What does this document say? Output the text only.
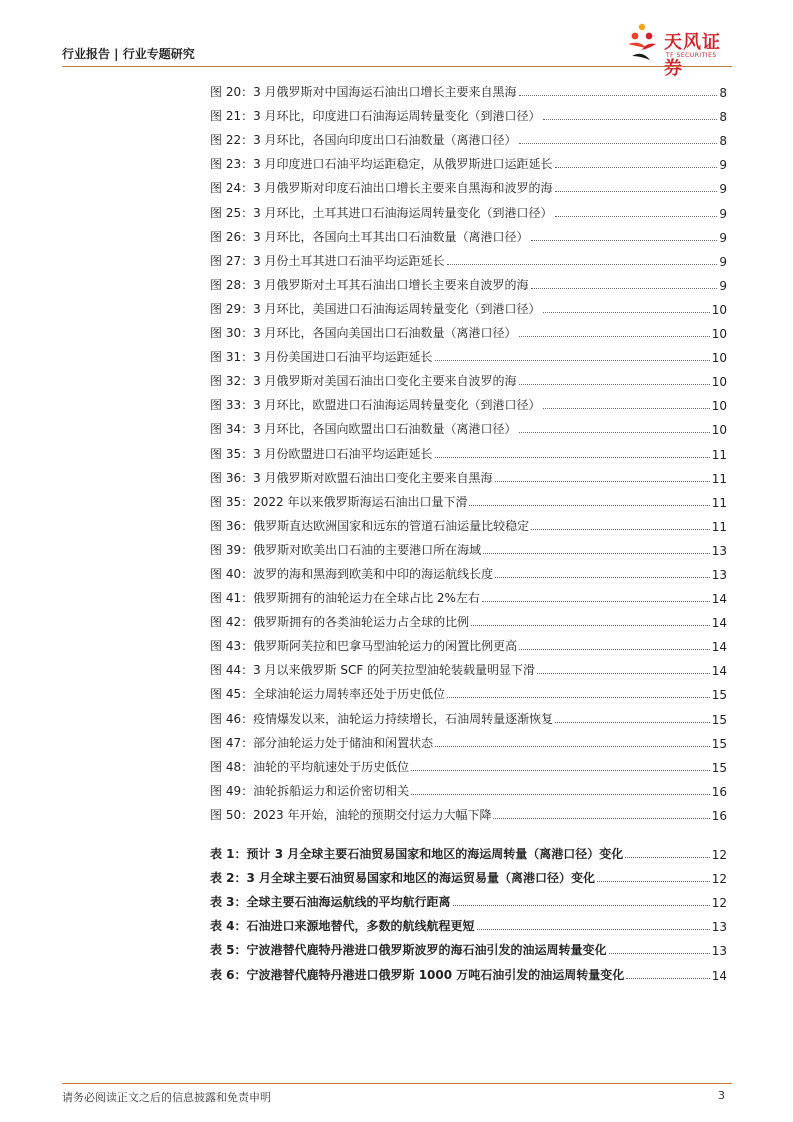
行业报告 | 行业专题研究
天风证券
TF SECURITIES
图 20：3 月俄罗斯对中国海运石油出口增长主要来自黑海	8
图 21：3 月环比，印度进口石油海运周转量变化（到港口径）	8
图 22：3 月环比，各国向印度出口石油数量（离港口径）	8
图 23：3 月印度进口石油平均运距稳定，从俄罗斯进口运距延长	9
图 24：3 月俄罗斯对印度石油出口增长主要来自黑海和波罗的海	9
图 25：3 月环比，土耳其进口石油海运周转量变化（到港口径）	9
图 26：3 月环比，各国向土耳其出口石油数量（离港口径）	9
图 27：3 月份土耳其进口石油平均运距延长	9
图 28：3 月俄罗斯对土耳其石油出口增长主要来自波罗的海	9
图 29：3 月环比，美国进口石油海运周转量变化（到港口径）	10
图 30：3 月环比，各国向美国出口石油数量（离港口径）	10
图 31：3 月份美国进口石油平均运距延长	10
图 32：3 月俄罗斯对美国石油出口变化主要来自波罗的海	10
图 33：3 月环比，欧盟进口石油海运周转量变化（到港口径）	10
图 34：3 月环比，各国向欧盟出口石油数量（离港口径）	10
图 35：3 月份欧盟进口石油平均运距延长	11
图 36：3 月俄罗斯对欧盟石油出口变化主要来自黑海	11
图 35：2022 年以来俄罗斯海运石油出口量下滑	11
图 36：俄罗斯直达欧洲国家和远东的管道石油运量比较稳定	11
图 39：俄罗斯对欧美出口石油的主要港口所在海域	13
图 40：波罗的海和黑海到欧美和中印的海运航线长度	13
图 41：俄罗斯拥有的油轮运力在全球占比 2%左右	14
图 42：俄罗斯拥有的各类油轮运力占全球的比例	14
图 43：俄罗斯阿芙拉和巴拿马型油轮运力的闲置比例更高	14
图 44：3 月以来俄罗斯 SCF 的阿芙拉型油轮装载量明显下滑	14
图 45：全球油轮运力周转率还处于历史低位	15
图 46：疫情爆发以来，油轮运力持续增长，石油周转量逐渐恢复	15
图 47：部分油轮运力处于储油和闲置状态	15
图 48：油轮的平均航速处于历史低位	15
图 49：油轮拆船运力和运价密切相关	16
图 50：2023 年开始，油轮的预期交付运力大幅下降	16
表 1：预计 3 月全球主要石油贸易国家和地区的海运周转量（离港口径）变化	12
表 2：3 月全球主要石油贸易国家和地区的海运贸易量（离港口径）变化	12
表 3：全球主要石油海运航线的平均航行距离	12
表 4：石油进口来源地替代，多数的航线航程更短	13
表 5：宁波港替代鹿特丹港进口俄罗斯波罗的海石油引发的油运周转量变化	13
表 6：宁波港替代鹿特丹港进口俄罗斯 1000 万吨石油引发的油运周转量变化	14
请务必阅读正文之后的信息披露和免责申明	3
